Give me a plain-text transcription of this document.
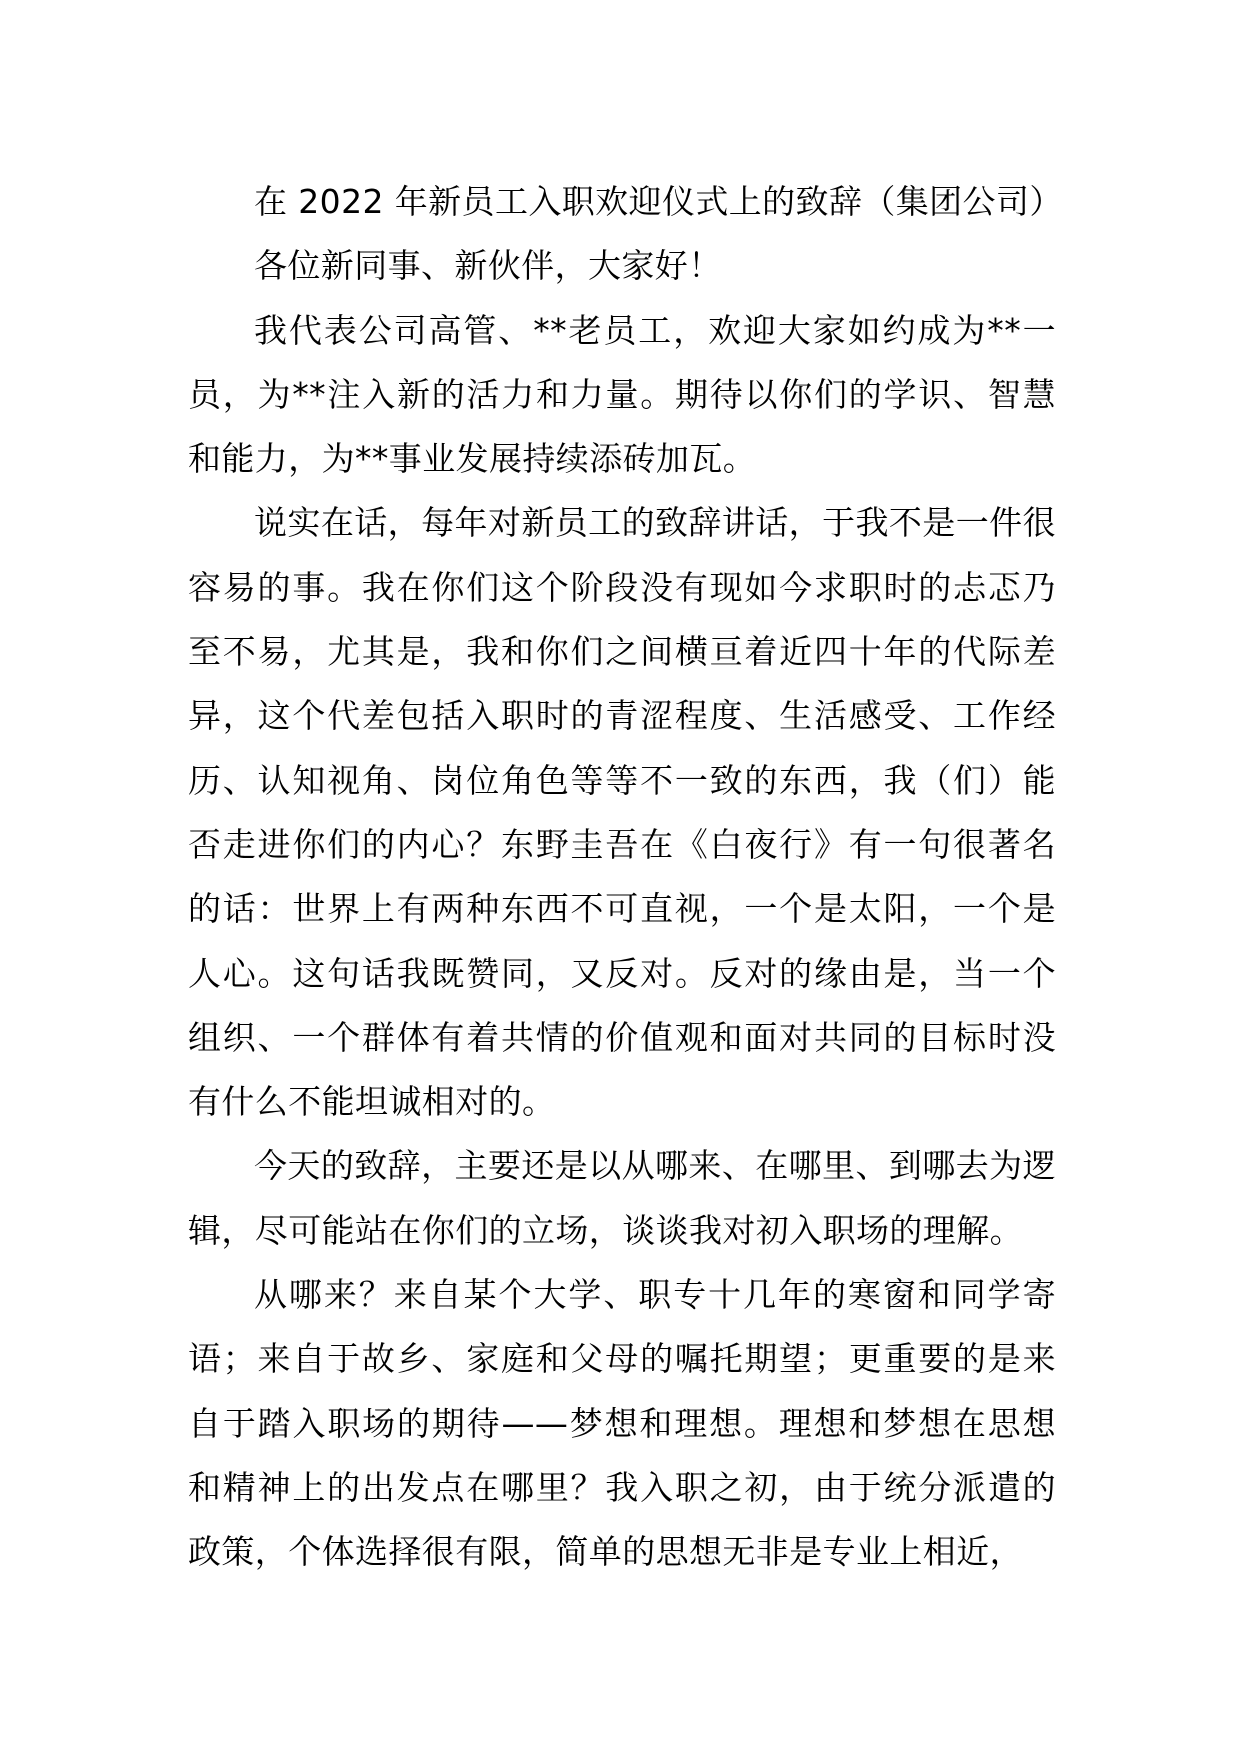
在 2022 年新员工入职欢迎仪式上的致辞（集团公司）

各位新同事、新伙伴，大家好！

我代表公司高管、**老员工，欢迎大家如约成为**一员，为**注入新的活力和力量。期待以你们的学识、智慧和能力，为**事业发展持续添砖加瓦。

说实在话，每年对新员工的致辞讲话，于我不是一件很容易的事。我在你们这个阶段没有现如今求职时的忐忑乃至不易，尤其是，我和你们之间横亘着近四十年的代际差异，这个代差包括入职时的青涩程度、生活感受、工作经历、认知视角、岗位角色等等不一致的东西，我（们）能否走进你们的内心？东野圭吾在《白夜行》有一句很著名的话：世界上有两种东西不可直视，一个是太阳，一个是人心。这句话我既赞同，又反对。反对的缘由是，当一个组织、一个群体有着共情的价值观和面对共同的目标时没有什么不能坦诚相对的。

今天的致辞，主要还是以从哪来、在哪里、到哪去为逻辑，尽可能站在你们的立场，谈谈我对初入职场的理解。

从哪来？来自某个大学、职专十几年的寒窗和同学寄语；来自于故乡、家庭和父母的嘱托期望；更重要的是来自于踏入职场的期待——梦想和理想。理想和梦想在思想和精神上的出发点在哪里？我入职之初，由于统分派遣的政策，个体选择很有限，简单的思想无非是专业上相近，
